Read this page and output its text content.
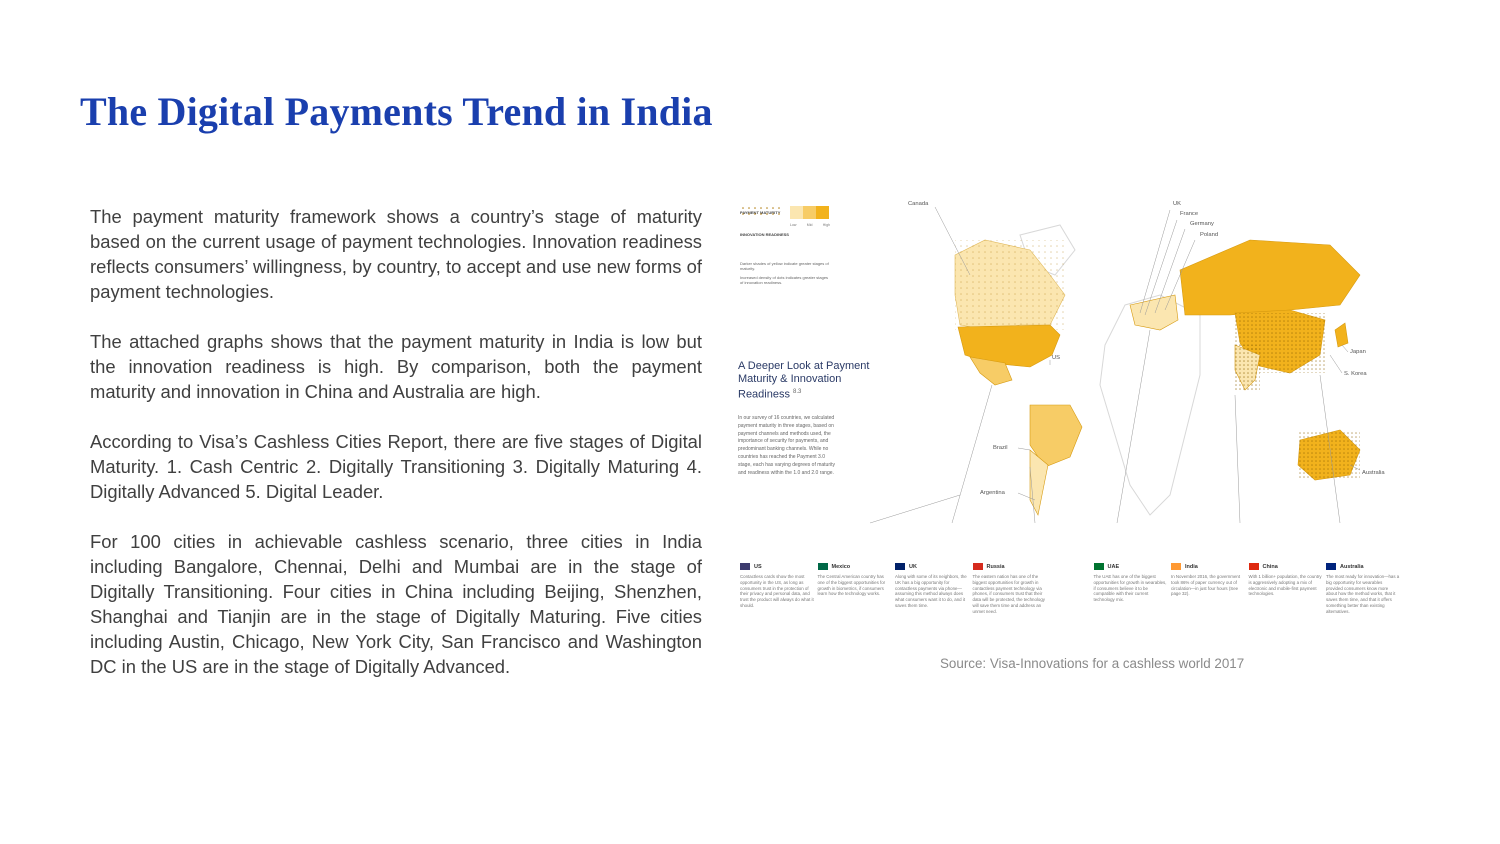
The Digital Payments Trend in India

The payment maturity framework shows a country’s stage of maturity based on the current usage of payment technologies. Innovation readiness reflects consumers’ willingness, by country, to accept and use new forms of payment technologies.

The attached graphs shows that the payment maturity in India is low but the innovation readiness is high. By comparison, both the payment maturity and innovation in China and Australia are high.

According to Visa’s Cashless Cities Report, there are five stages of Digital Maturity. 1. Cash Centric 2. Digitally Transitioning 3. Digitally Maturing 4. Digitally Advanced 5. Digital Leader.

For 100 cities in achievable cashless scenario, three cities in India including Bangalore, Chennai, Delhi and Mumbai are in the stage of Digitally Transitioning. Four cities in China including Beijing, Shenzhen, Shanghai and Tianjin are in the stage of Digitally Maturing. Five cities including Austin, Chicago, New York City, San Francisco and Washington DC in the US are in the stage of Digitally Advanced.

Low	Mid	High
INNOVATION READINESS
Darker shades of yellow indicate greater stages of maturity.
Increased density of dots indicates greater stages of innovation readiness.
A Deeper Look at Payment Maturity & Innovation Readiness $^{8.3}$
In our survey of 16 countries, we calculated payment maturity in three stages, based on payment channels and methods used, the importance of security for payments, and predominant banking channels. While no countries has reached the Payment 3.0 stage, each has varying degrees of maturity and readiness within the 1.0 and 2.0 range.
Canada
US
Brazil
Argentina
UK
France
Germany
Poland
Japan
S. Korea
Australia
US
Contactless cards show the most opportunity in the US, as long as consumers trust in the protection of their privacy and personal data, and trust the product will always do what it should.
Mexico
The Central American country has one of the biggest opportunities for growth in biometrics, if consumers learn how the technology works.
UK
Along with some of its neighbors, the UK has a big opportunity for contactless payments via phone—assuming this method always does what consumers want it to do, and it saves them time.
Russia
The eastern nation has one of the biggest opportunities for growth in contactless payment technology via phones, if consumers trust that their data will be protected, the technology will save them time and address an unmet need.
UAE
The UAE has one of the biggest opportunities for growth in wearables, if consumers believe it to be compatible with their current technology mix.
India
In November 2016, the government took 86% of paper currency out of circulation—in just four hours (See page 32).
China
With 1 billion+ population, the country is aggressively adopting a mix of electronic and mobile-first payment technologies.
Australia
The most ready for innovation—has a big opportunity for wearables provided consumers know more about how the method works, that it saves them time, and that it offers something better than existing alternatives.
Source: Visa-Innovations for a cashless world 2017
